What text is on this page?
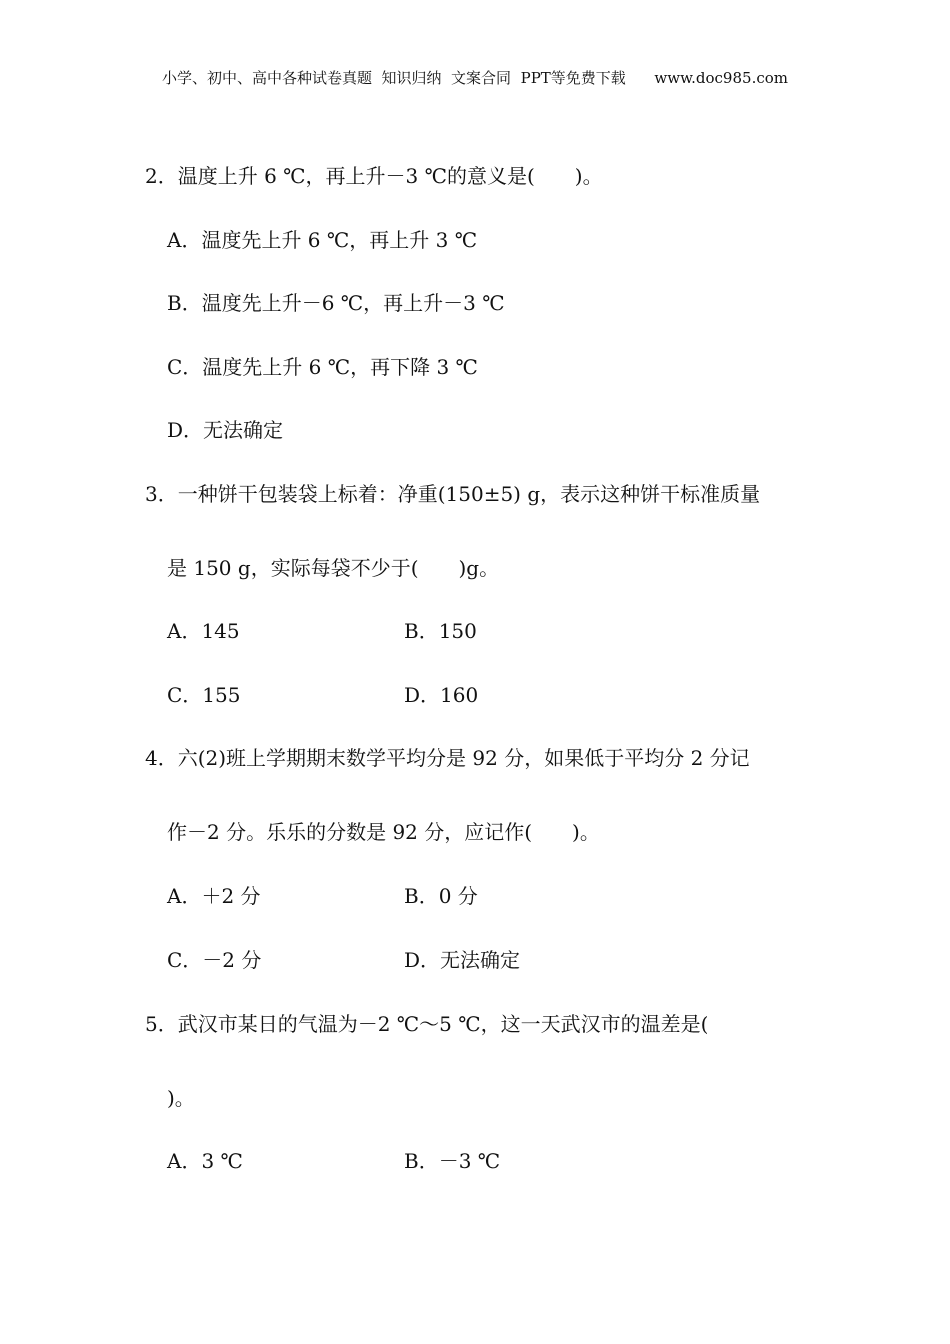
小学、初中、高中各种试卷真题  知识归纳  文案合同  PPT等免费下载      www.doc985.com
2．温度上升 6 ℃，再上升－3 ℃的意义是(　　)。
A．温度先上升 6 ℃，再上升 3 ℃
B．温度先上升－6 ℃，再上升－3 ℃
C．温度先上升 6 ℃，再下降 3 ℃
D．无法确定
3．一种饼干包装袋上标着：净重(150±5) g，表示这种饼干标准质量
是 150 g，实际每袋不少于(　　)g。
A．145	B．150
C．155	D．160
4．六(2)班上学期期末数学平均分是 92 分，如果低于平均分 2 分记
作－2 分。乐乐的分数是 92 分，应记作(　　)。
A．＋2 分	B．0 分
C．－2 分	D．无法确定
5．武汉市某日的气温为－2 ℃～5 ℃，这一天武汉市的温差是(
)。
A．3 ℃	B．－3 ℃
